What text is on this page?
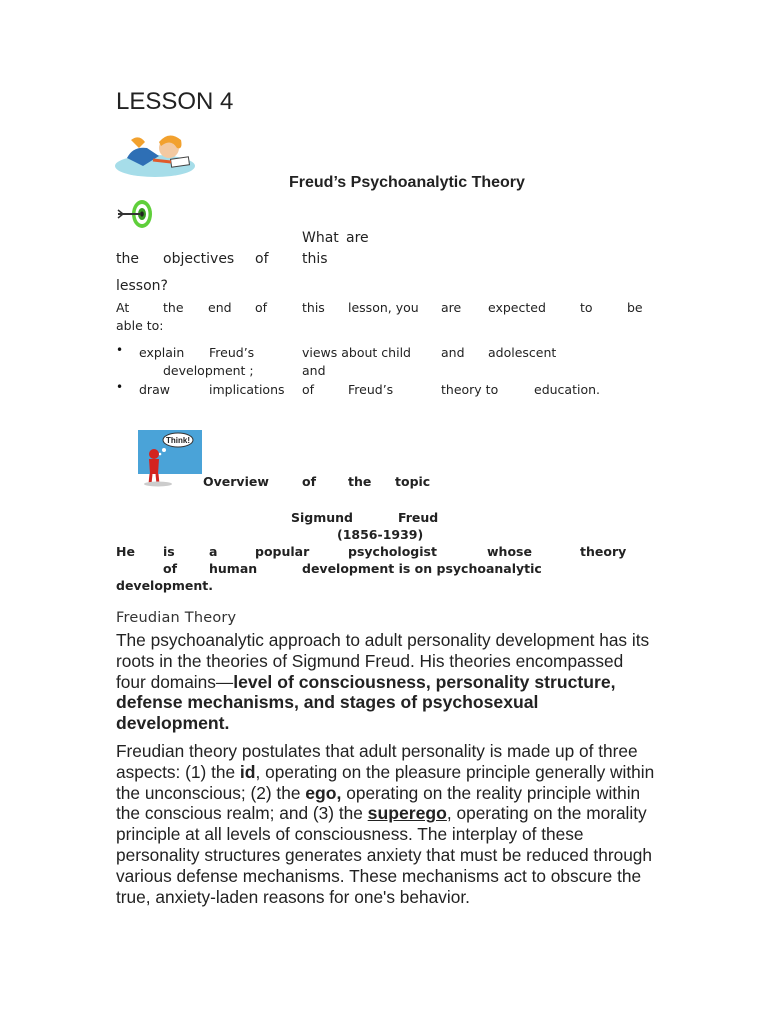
LESSON 4
Freud’s Psychoanalytic Theory
What are
the objectives of this
lesson?
At	the end of	this lesson, you are expected	to	be
able to:
• explain Freud’s	views about child and adolescent
development ;	and
• draw	implications of	Freud’s	theory to	education.
Think!
Overview	of	the topic
Sigmund	Freud
(1856-1939)
He is	a	popular	psychologist	whose	theory
of	human	development is on psychoanalytic
development.
Freudian Theory
The psychoanalytic approach to adult personality development has its roots in the theories of Sigmund Freud. His theories encompassed four domains—level of consciousness, personality structure, defense mechanisms, and stages of psychosexual development.
Freudian theory postulates that adult personality is made up of three aspects: (1) the id, operating on the pleasure principle generally within the unconscious; (2) the ego, operating on the reality principle within the conscious realm; and (3) the superego, operating on the morality principle at all levels of consciousness. The interplay of these personality structures generates anxiety that must be reduced through various defense mechanisms. These mechanisms act to obscure the true, anxiety-laden reasons for one's behavior.
